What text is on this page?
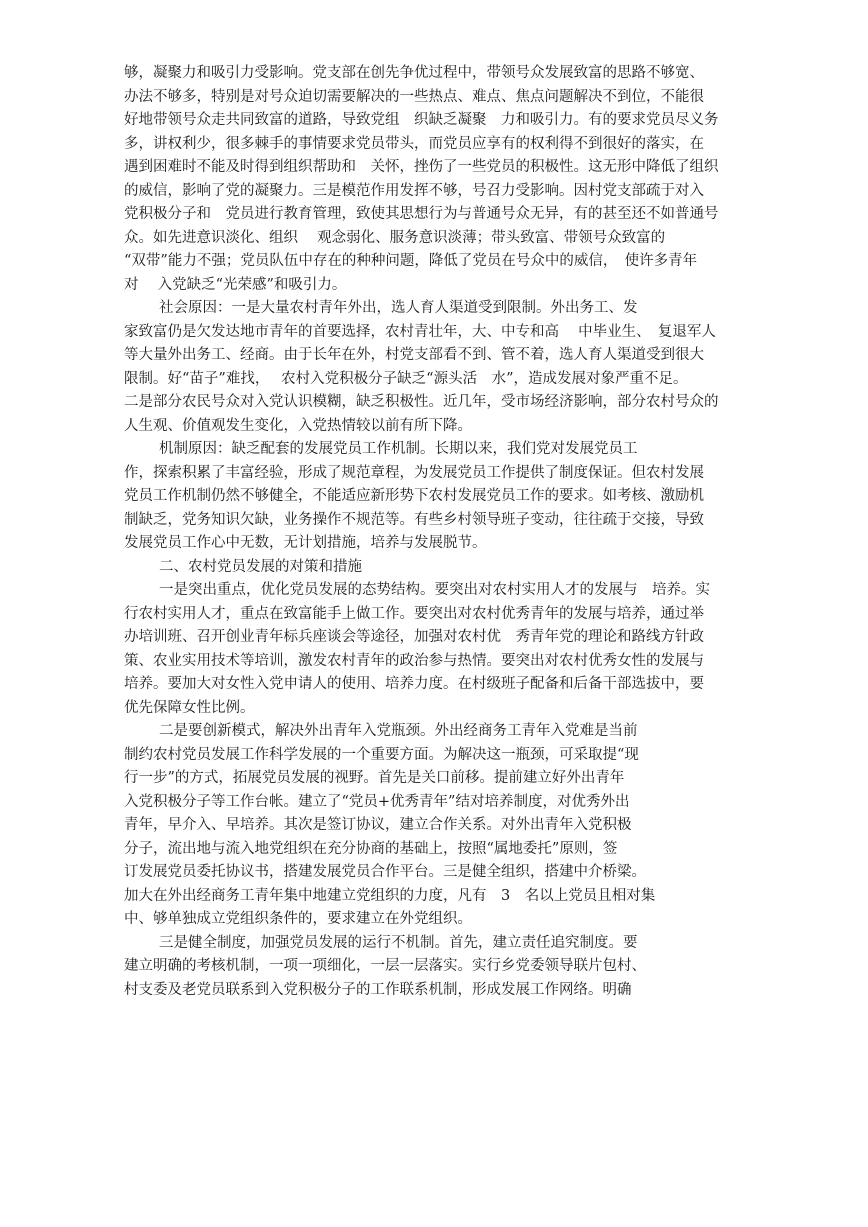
够，凝聚力和吸引力受影响。党支部在创先争优过程中，带领号众发展致富的思路不够宽、
办法不够多，特别是对号众迫切需要解决的一些热点、难点、焦点问题解决不到位，不能很
好地带领号众走共同致富的道路，导致党组　织缺乏凝聚　力和吸引力。有的要求党员尽义务
多，讲权利少，很多棘手的事情要求党员带头，而党员应享有的权利得不到很好的落实，在
遇到困难时不能及时得到组织帮助和　关怀，挫伤了一些党员的积极性。这无形中降低了组织
的威信，影响了党的凝聚力。三是模范作用发挥不够，号召力受影响。因村党支部疏于对入
党积极分子和　党员进行教育管理，致使其思想行为与普通号众无异，有的甚至还不如普通号
众。如先进意识淡化、组织　 观念弱化、服务意识淡薄；带头致富、带领号众致富的
“双带”能力不强；党员队伍中存在的种种问题，降低了党员在号众中的威信，　使许多青年
对　 入党缺乏“光荣感”和吸引力。
社会原因：一是大量农村青年外出，选人育人渠道受到限制。外出务工、发
家致富仍是欠发达地市青年的首要选择，农村青壮年，大、中专和高　 中毕业生、　复退军人
等大量外出务工、经商。由于长年在外，村党支部看不到、管不着，选人育人渠道受到很大
限制。好“苗子”难找，　 农村入党积极分子缺乏“源头活　水”，造成发展对象严重不足。
二是部分农民号众对入党认识模糊，缺乏积极性。近几年，受市场经济影响，部分农村号众的
人生观、价值观发生变化，入党热情较以前有所下降。
机制原因：缺乏配套的发展党员工作机制。长期以来，我们党对发展党员工
作，探索积累了丰富经验，形成了规范章程，为发展党员工作提供了制度保证。但农村发展
党员工作机制仍然不够健全，不能适应新形势下农村发展党员工作的要求。如考核、激励机
制缺乏，党务知识欠缺，业务操作不规范等。有些乡村领导班子变动，往往疏于交接，导致
发展党员工作心中无数，无计划措施，培养与发展脱节。
二、农村党员发展的对策和措施
一是突出重点，优化党员发展的态势结构。要突出对农村实用人才的发展与　培养。实
行农村实用人才，重点在致富能手上做工作。要突出对农村优秀青年的发展与培养，通过举
办培训班、召开创业青年标兵座谈会等途径，加强对农村优　秀青年党的理论和路线方针政
策、农业实用技术等培训，激发农村青年的政治参与热情。要突出对农村优秀女性的发展与
培养。要加大对女性入党申请人的使用、培养力度。在村级班子配备和后备干部选拔中，要
优先保障女性比例。
二是要创新模式，解决外出青年入党瓶颈。外出经商务工青年入党难是当前
制约农村党员发展工作科学发展的一个重要方面。为解决这一瓶颈，可采取提“现
行一步”的方式，拓展党员发展的视野。首先是关口前移。提前建立好外出青年
入党积极分子等工作台帐。建立了“党员+优秀青年”结对培养制度，对优秀外出
青年，早介入、早培养。其次是签订协议，建立合作关系。对外出青年入党积极
分子，流出地与流入地党组织在充分协商的基础上，按照“属地委托”原则，签
订发展党员委托协议书，搭建发展党员合作平台。三是健全组织，搭建中介桥梁。
加大在外出经商务工青年集中地建立党组织的力度，凡有　3　名以上党员且相对集
中、够单独成立党组织条件的，要求建立在外党组织。
三是健全制度，加强党员发展的运行不机制。首先，建立责任追究制度。要
建立明确的考核机制，一项一项细化，一层一层落实。实行乡党委领导联片包村、
村支委及老党员联系到入党积极分子的工作联系机制，形成发展工作网络。明确
